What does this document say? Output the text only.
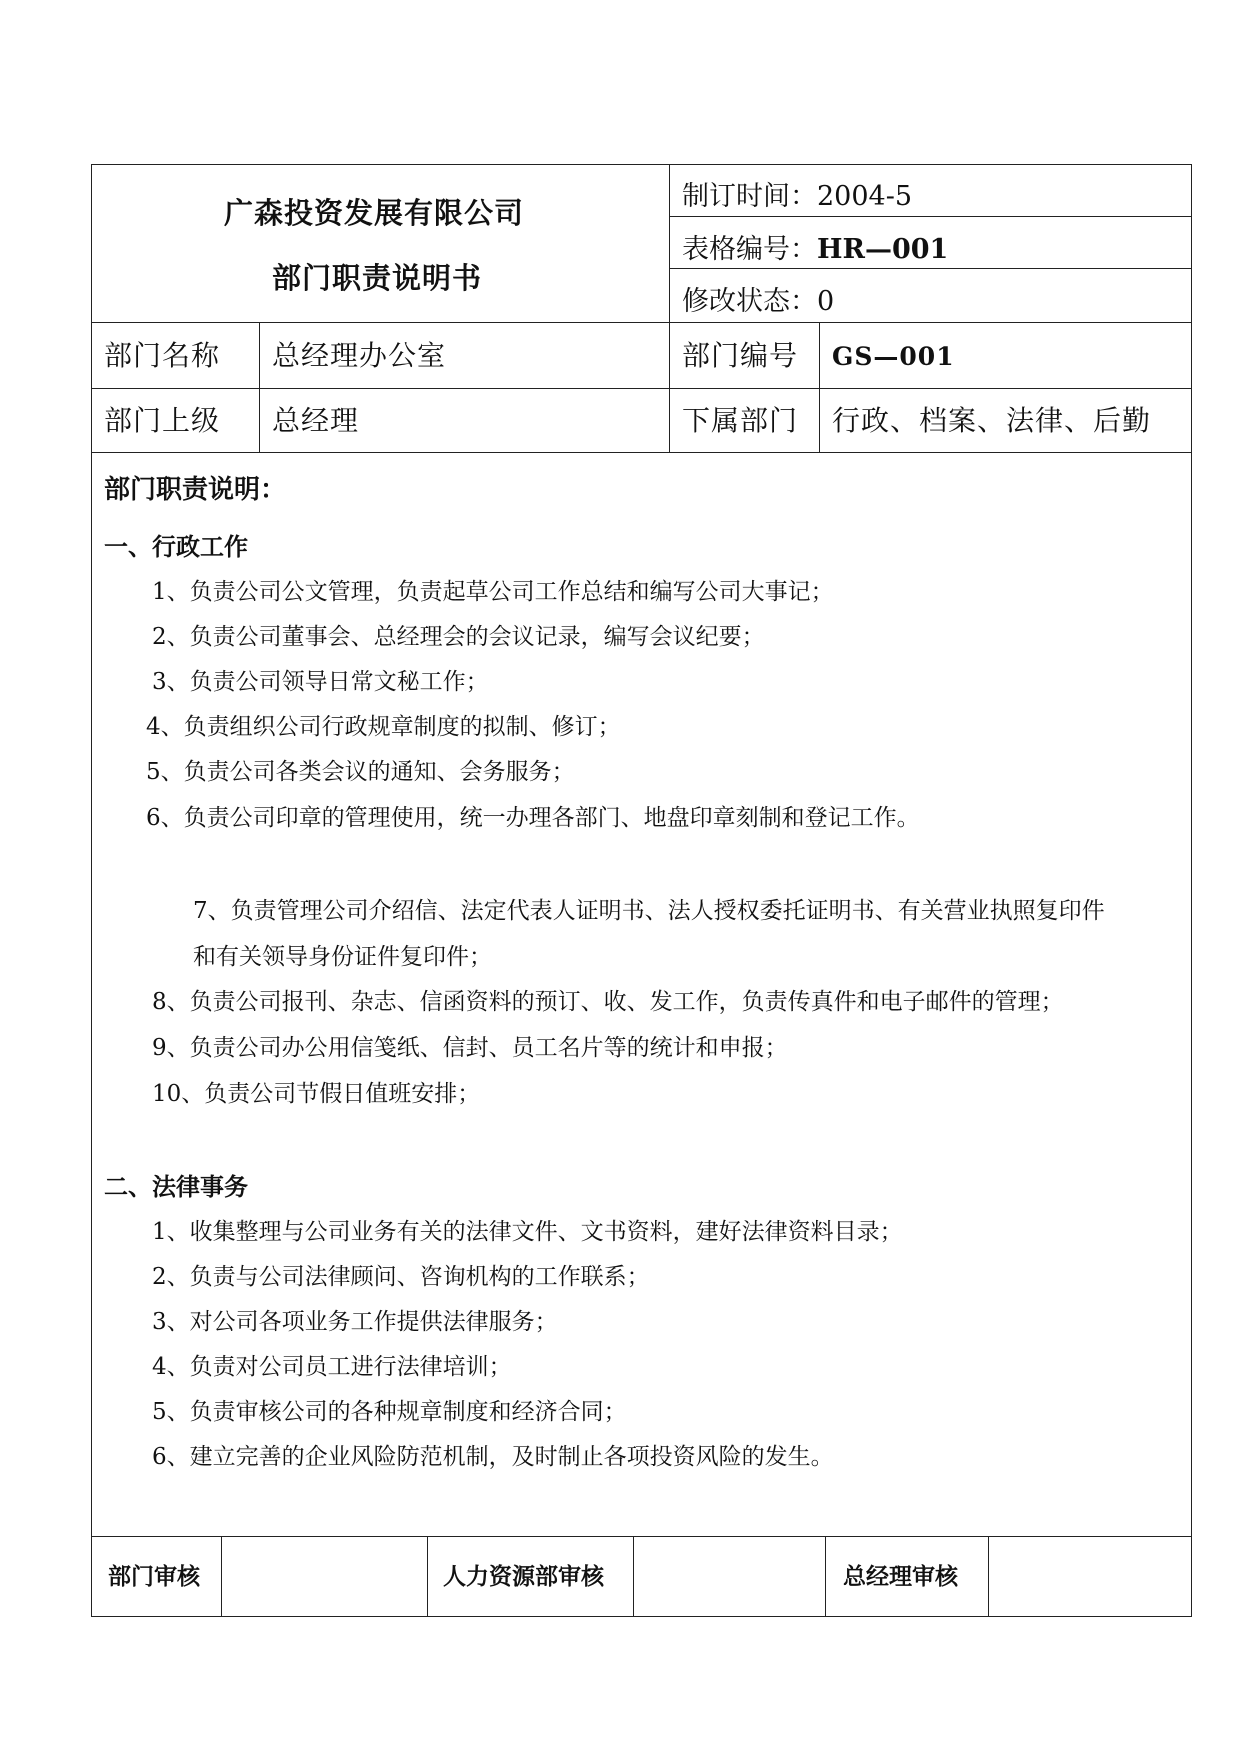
广森投资发展有限公司
部门职责说明书
制订时间：2004-5
表格编号：HR—001
修改状态：0
部门名称 总经理办公室	部门编号 GS—001
部门上级 总经理	下属部门 行政、档案、法律、后勤
部门职责说明：
一、行政工作
1、负责公司公文管理，负责起草公司工作总结和编写公司大事记；
2、负责公司董事会、总经理会的会议记录，编写会议纪要；
3、负责公司领导日常文秘工作；
4、负责组织公司行政规章制度的拟制、修订；
5、负责公司各类会议的通知、会务服务；
6、负责公司印章的管理使用，统一办理各部门、地盘印章刻制和登记工作。
7、负责管理公司介绍信、法定代表人证明书、法人授权委托证明书、有关营业执照复印件
和有关领导身份证件复印件；
8、负责公司报刊、杂志、信函资料的预订、收、发工作，负责传真件和电子邮件的管理；
9、负责公司办公用信笺纸、信封、员工名片等的统计和申报；
10、负责公司节假日值班安排；
二、法律事务
1、收集整理与公司业务有关的法律文件、文书资料，建好法律资料目录；
2、负责与公司法律顾问、咨询机构的工作联系；
3、对公司各项业务工作提供法律服务；
4、负责对公司员工进行法律培训；
5、负责审核公司的各种规章制度和经济合同；
6、建立完善的企业风险防范机制，及时制止各项投资风险的发生。
部门审核	人力资源部审核	总经理审核
